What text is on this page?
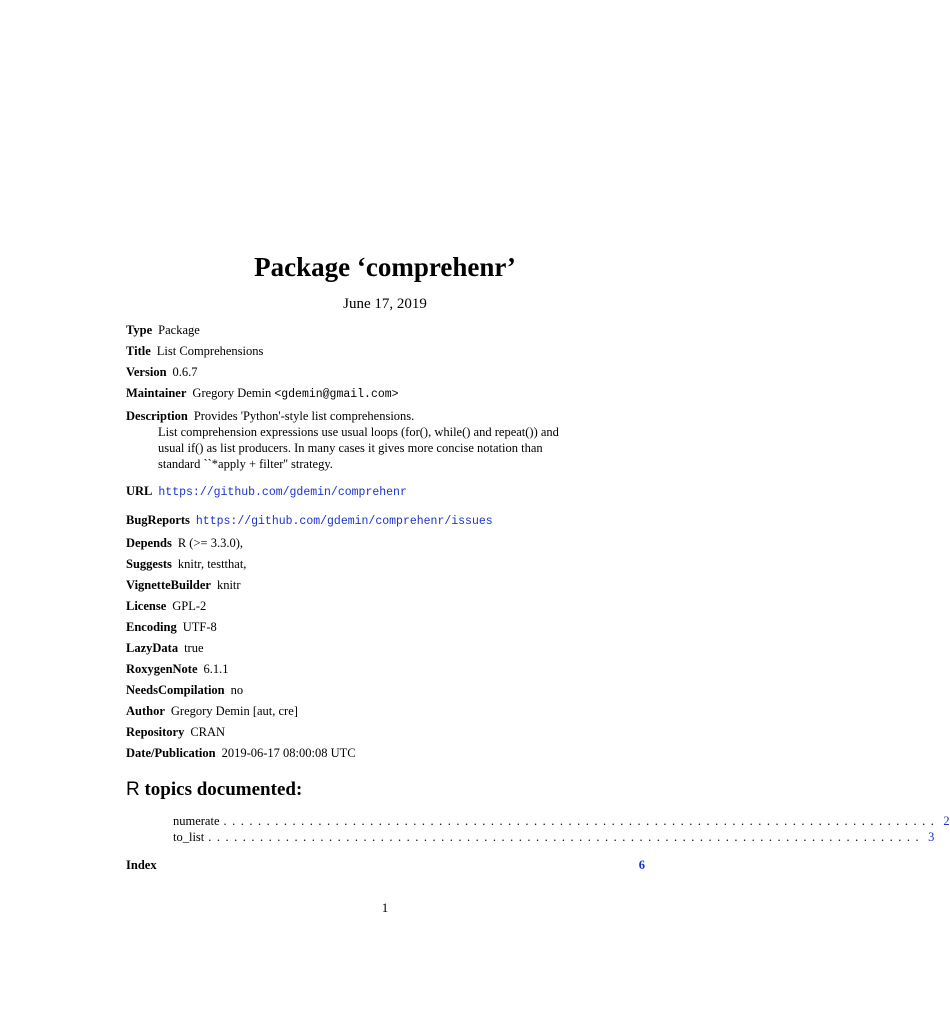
Package ‘comprehenr’
June 17, 2019

Type Package

Title List Comprehensions

Version 0.6.7

Maintainer Gregory Demin <gdemin@gmail.com>

Description Provides 'Python'-style list comprehensions.

List comprehension expressions use usual loops (for(), while() and repeat()) and

usual if() as list producers. In many cases it gives more concise notation than

standard ``*apply + filter'' strategy.

URL https://github.com/gdemin/comprehenr

BugReports https://github.com/gdemin/comprehenr/issues

Depends R (>= 3.3.0),

Suggests knitr, testthat,

VignetteBuilder knitr

License GPL-2

Encoding UTF-8

LazyData true

RoxygenNote 6.1.1

NeedsCompilation no

Author Gregory Demin [aut, cre]

Repository CRAN

Date/Publication 2019-06-17 08:00:08 UTC

R topics documented:
numerate ................................................................................... 2
to_list ................................................................................... 3
Index	6
1
